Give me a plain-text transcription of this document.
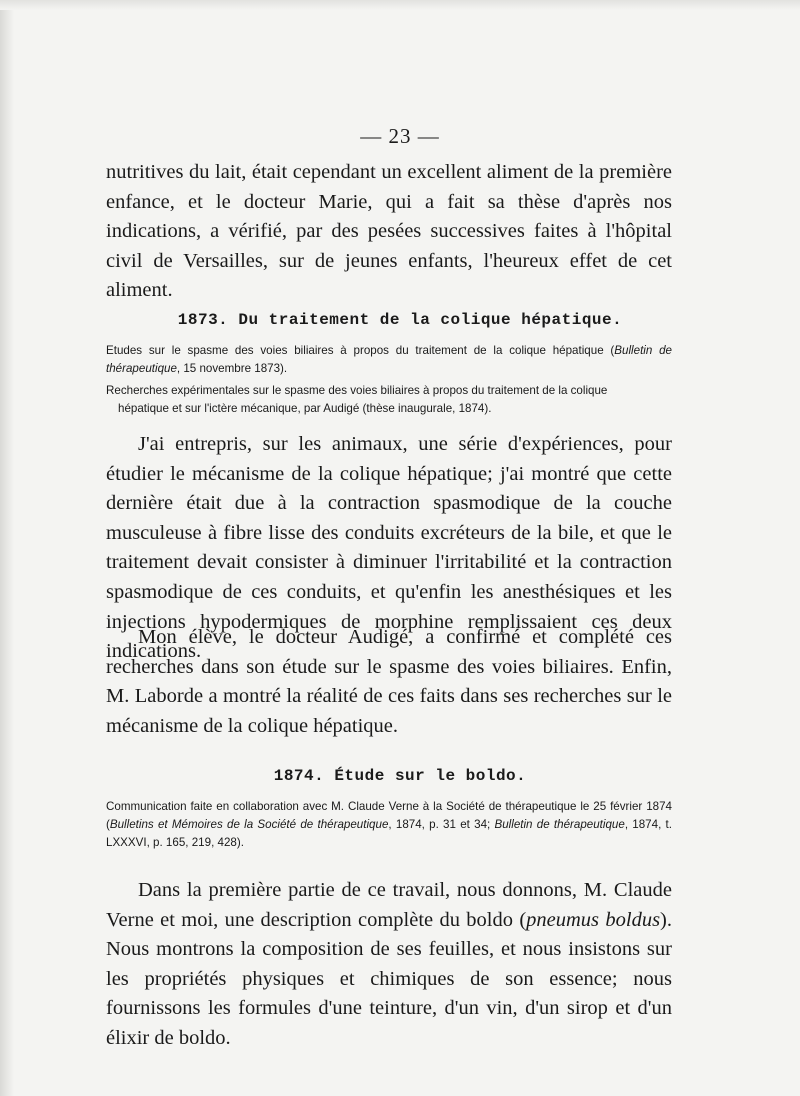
— 23 —

nutritives du lait, était cependant un excellent aliment de la première enfance, et le docteur Marie, qui a fait sa thèse d'après nos indications, a vérifié, par des pesées successives faites à l'hôpital civil de Versailles, sur de jeunes enfants, l'heureux effet de cet aliment.

1873. Du traitement de la colique hépatique.

Etudes sur le spasme des voies biliaires à propos du traitement de la colique hépatique (Bulletin de thérapeutique, 15 novembre 1873).

Recherches expérimentales sur le spasme des voies biliaires à propos du traitement de la colique
hépatique et sur l'ictère mécanique, par Audigé (thèse inaugurale, 1874).

J'ai entrepris, sur les animaux, une série d'expériences, pour étudier le mécanisme de la colique hépatique; j'ai montré que cette dernière était due à la contraction spasmodique de la couche musculeuse à fibre lisse des conduits excréteurs de la bile, et que le traitement devait consister à diminuer l'irritabilité et la contraction spasmodique de ces conduits, et qu'enfin les anesthésiques et les injections hypodermiques de morphine remplissaient ces deux indications.

Mon élève, le docteur Audigé, a confirmé et complété ces recherches dans son étude sur le spasme des voies biliaires. Enfin, M. Laborde a montré la réalité de ces faits dans ses recherches sur le mécanisme de la colique hépatique.

1874. Étude sur le boldo.

Communication faite en collaboration avec M. Claude Verne à la Société de thérapeutique le 25 février 1874 (Bulletins et Mémoires de la Société de thérapeutique, 1874, p. 31 et 34; Bulletin de thérapeutique, 1874, t. LXXXVI, p. 165, 219, 428).

Dans la première partie de ce travail, nous donnons, M. Claude Verne et moi, une description complète du boldo (pneumus boldus). Nous montrons la composition de ses feuilles, et nous insistons sur les propriétés physiques et chimiques de son essence; nous fournissons les formules d'une teinture, d'un vin, d'un sirop et d'un élixir de boldo.
